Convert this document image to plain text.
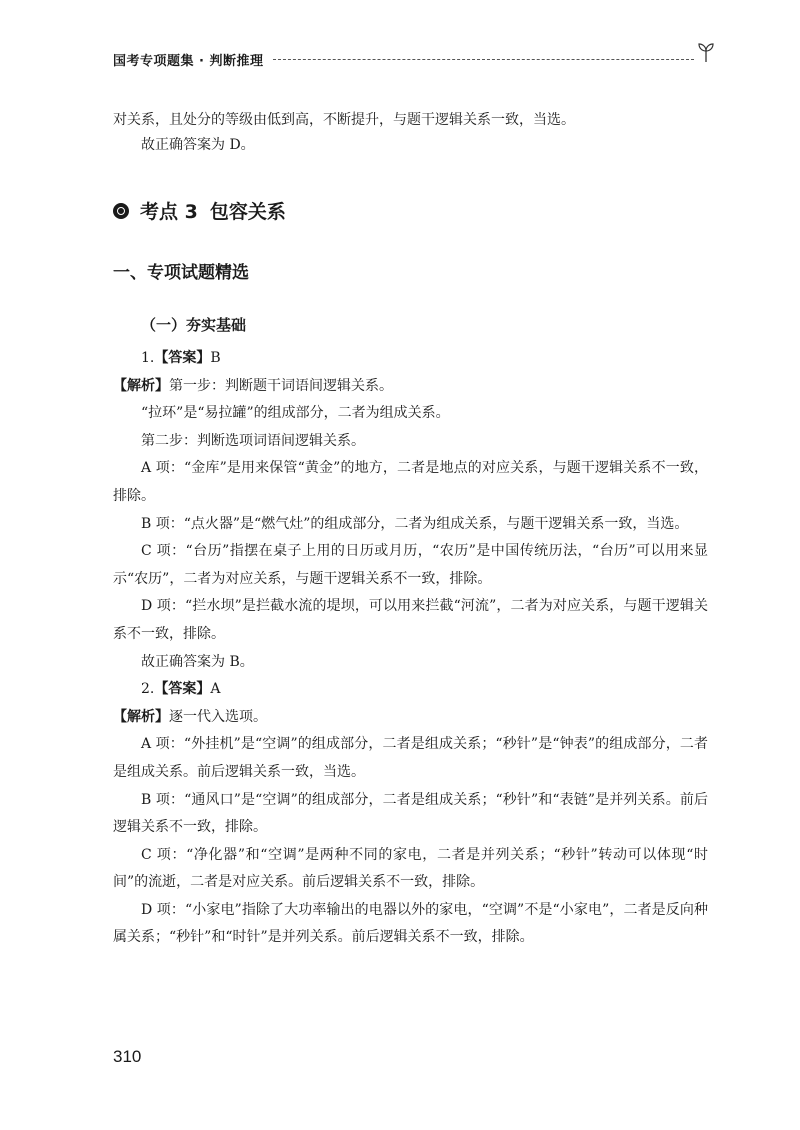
国考专项题集 · 判断推理

对关系，且处分的等级由低到高，不断提升，与题干逻辑关系一致，当选。

故正确答案为 D。

考点 3 包容关系
一、专项试题精选
（一）夯实基础

1.【答案】B

【解析】第一步：判断题干词语间逻辑关系。

“拉环”是“易拉罐”的组成部分，二者为组成关系。

第二步：判断选项词语间逻辑关系。

A 项：“金库”是用来保管“黄金”的地方，二者是地点的对应关系，与题干逻辑关系不一致，排除。

B 项：“点火器”是“燃气灶”的组成部分，二者为组成关系，与题干逻辑关系一致，当选。

C 项：“台历”指摆在桌子上用的日历或月历，“农历”是中国传统历法，“台历”可以用来显示“农历”，二者为对应关系，与题干逻辑关系不一致，排除。

D 项：“拦水坝”是拦截水流的堤坝，可以用来拦截“河流”，二者为对应关系，与题干逻辑关系不一致，排除。

故正确答案为 B。

2.【答案】A

【解析】逐一代入选项。

A 项：“外挂机”是“空调”的组成部分，二者是组成关系；“秒针”是“钟表”的组成部分，二者是组成关系。前后逻辑关系一致，当选。

B 项：“通风口”是“空调”的组成部分，二者是组成关系；“秒针”和“表链”是并列关系。前后逻辑关系不一致，排除。

C 项：“净化器”和“空调”是两种不同的家电，二者是并列关系；“秒针”转动可以体现“时间”的流逝，二者是对应关系。前后逻辑关系不一致，排除。

D 项：“小家电”指除了大功率输出的电器以外的家电，“空调”不是“小家电”，二者是反向种属关系；“秒针”和“时针”是并列关系。前后逻辑关系不一致，排除。

310
